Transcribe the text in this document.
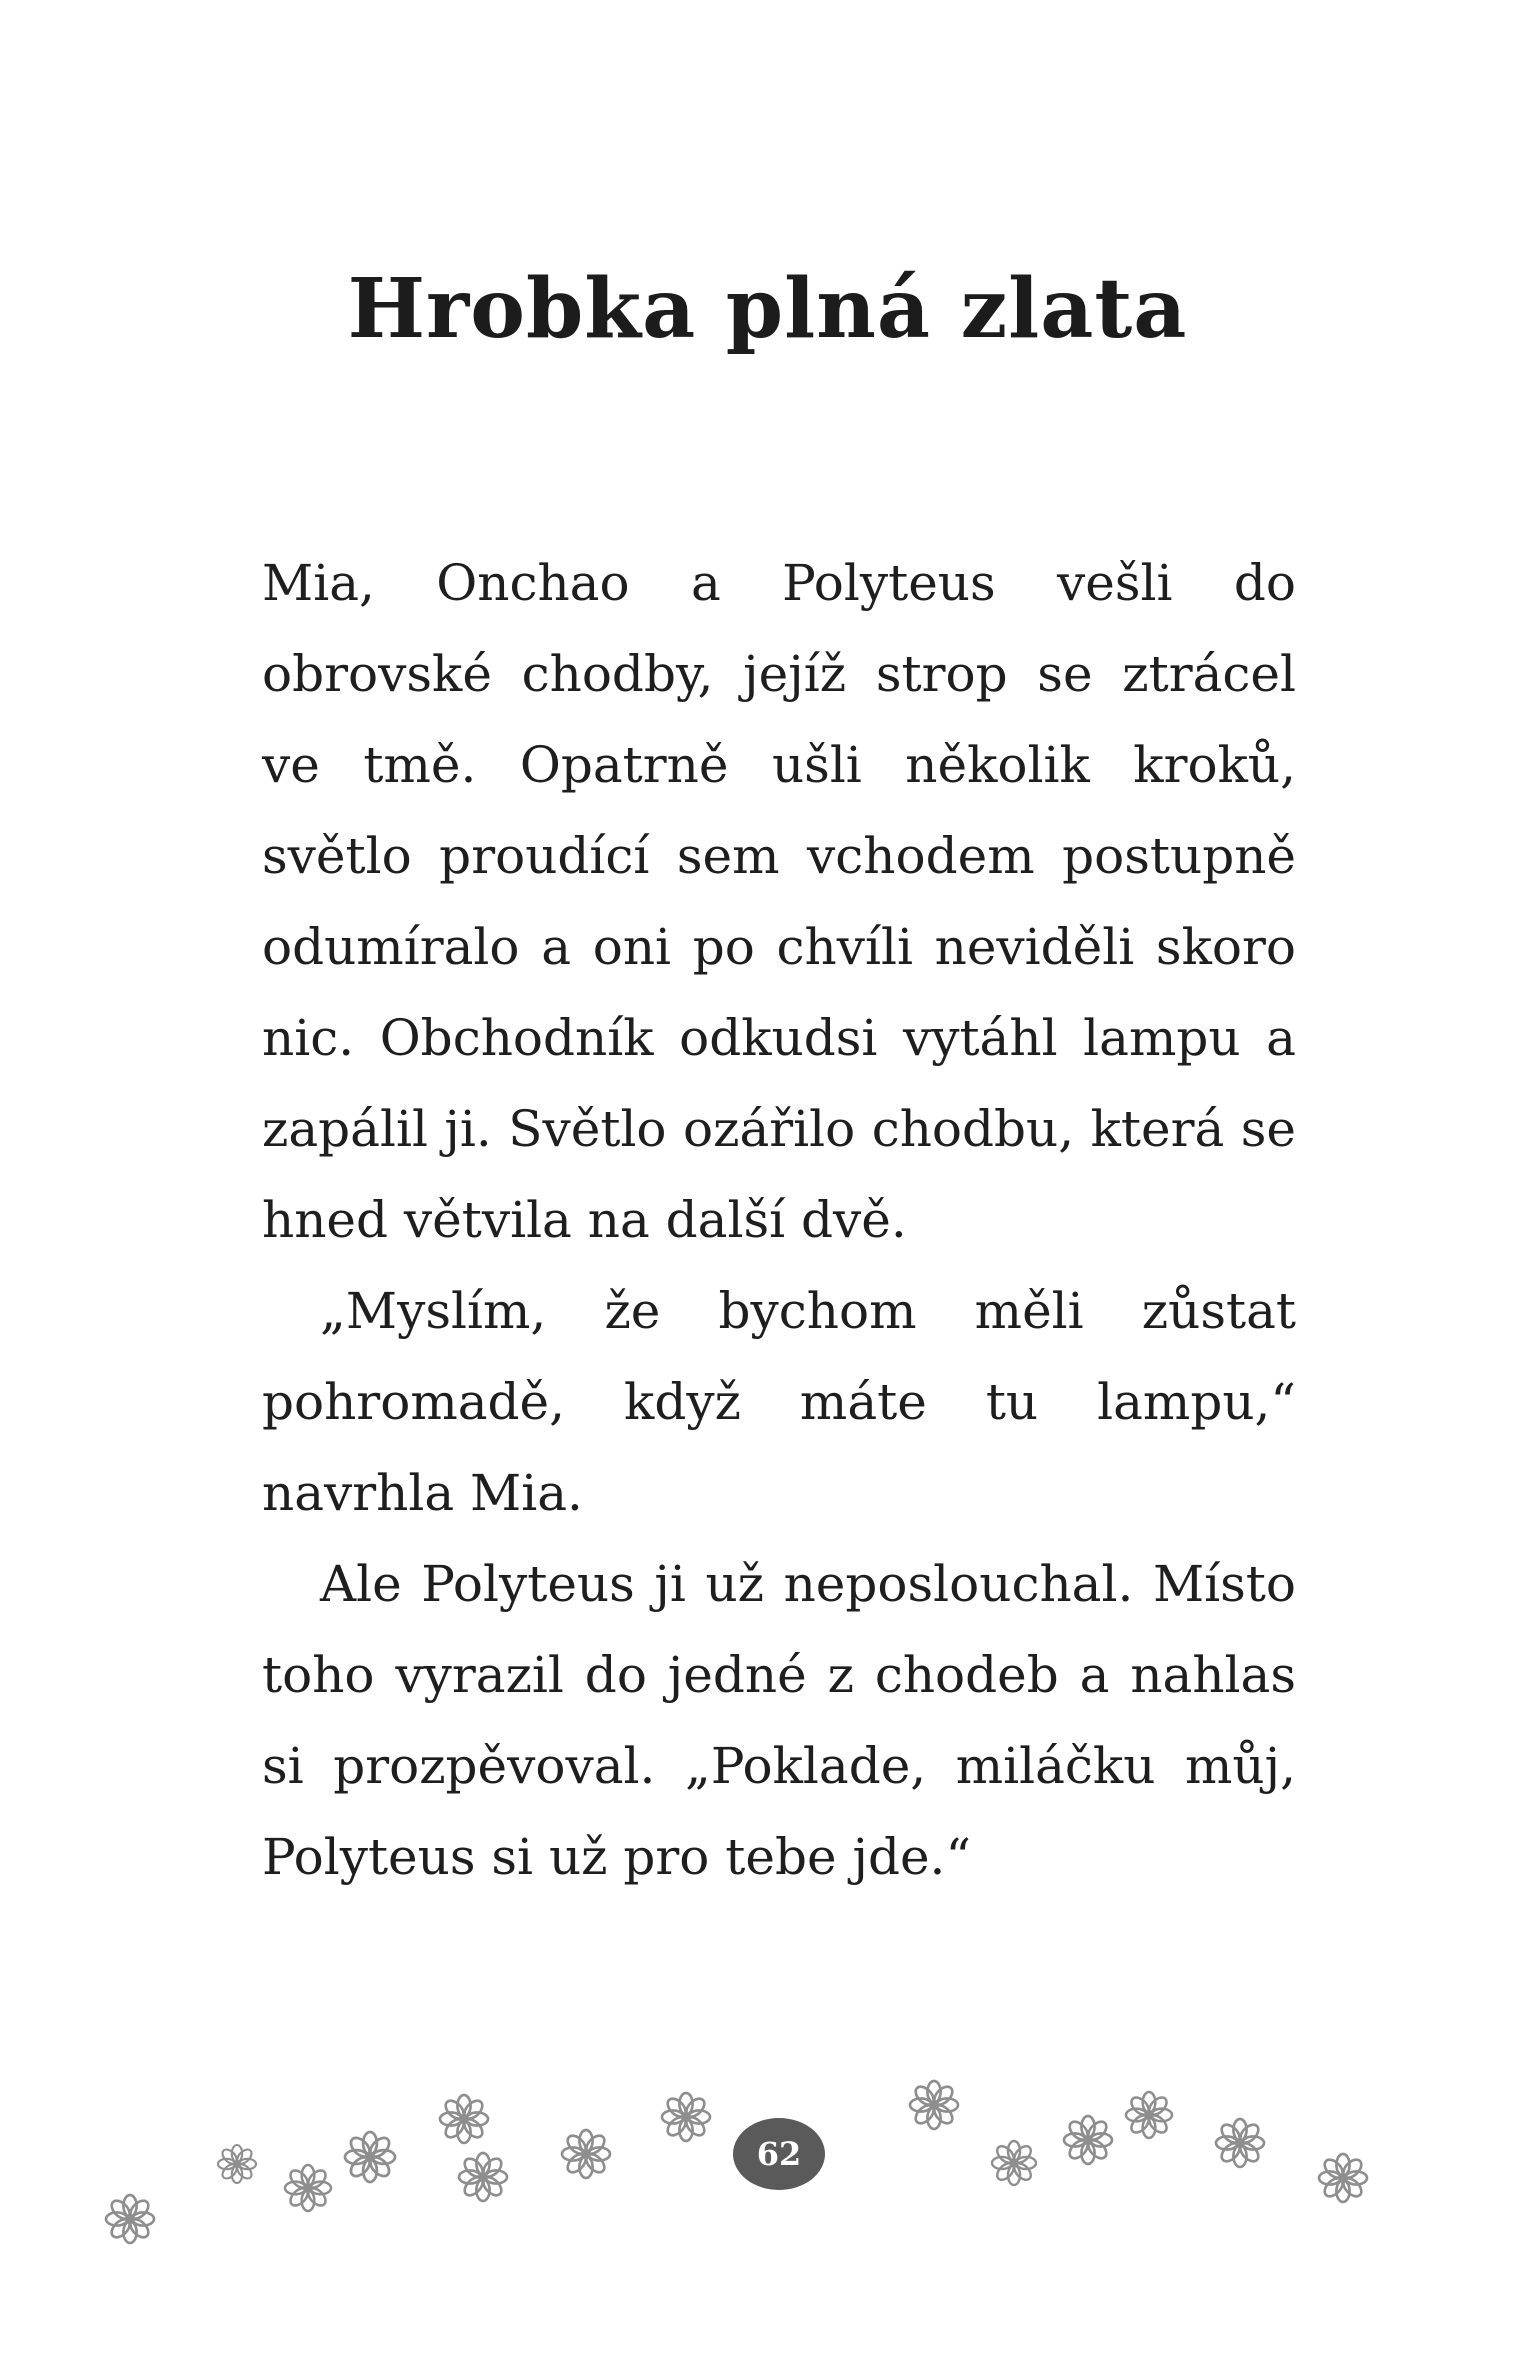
Hrobka plná zlata

Mia, Onchao a Polyteus vešli do obrovské chodby, jejíž strop se ztrácel ve tmě. Opatrně ušli několik kroků, světlo proudící sem vchodem postupně odumíralo a oni po chvíli neviděli skoro nic. Obchodník odkudsi vytáhl lampu a zapálil ji. Světlo ozářilo chodbu, která se hned větvila na další dvě.

„Myslím, že bychom měli zůstat pohromadě, když máte tu lampu,“ navrhla Mia.

Ale Polyteus ji už neposlouchal. Místo toho vyrazil do jedné z chodeb a nahlas si prozpěvoval. „Poklade, miláčku můj, Polyteus si už pro tebe jde.“

62
